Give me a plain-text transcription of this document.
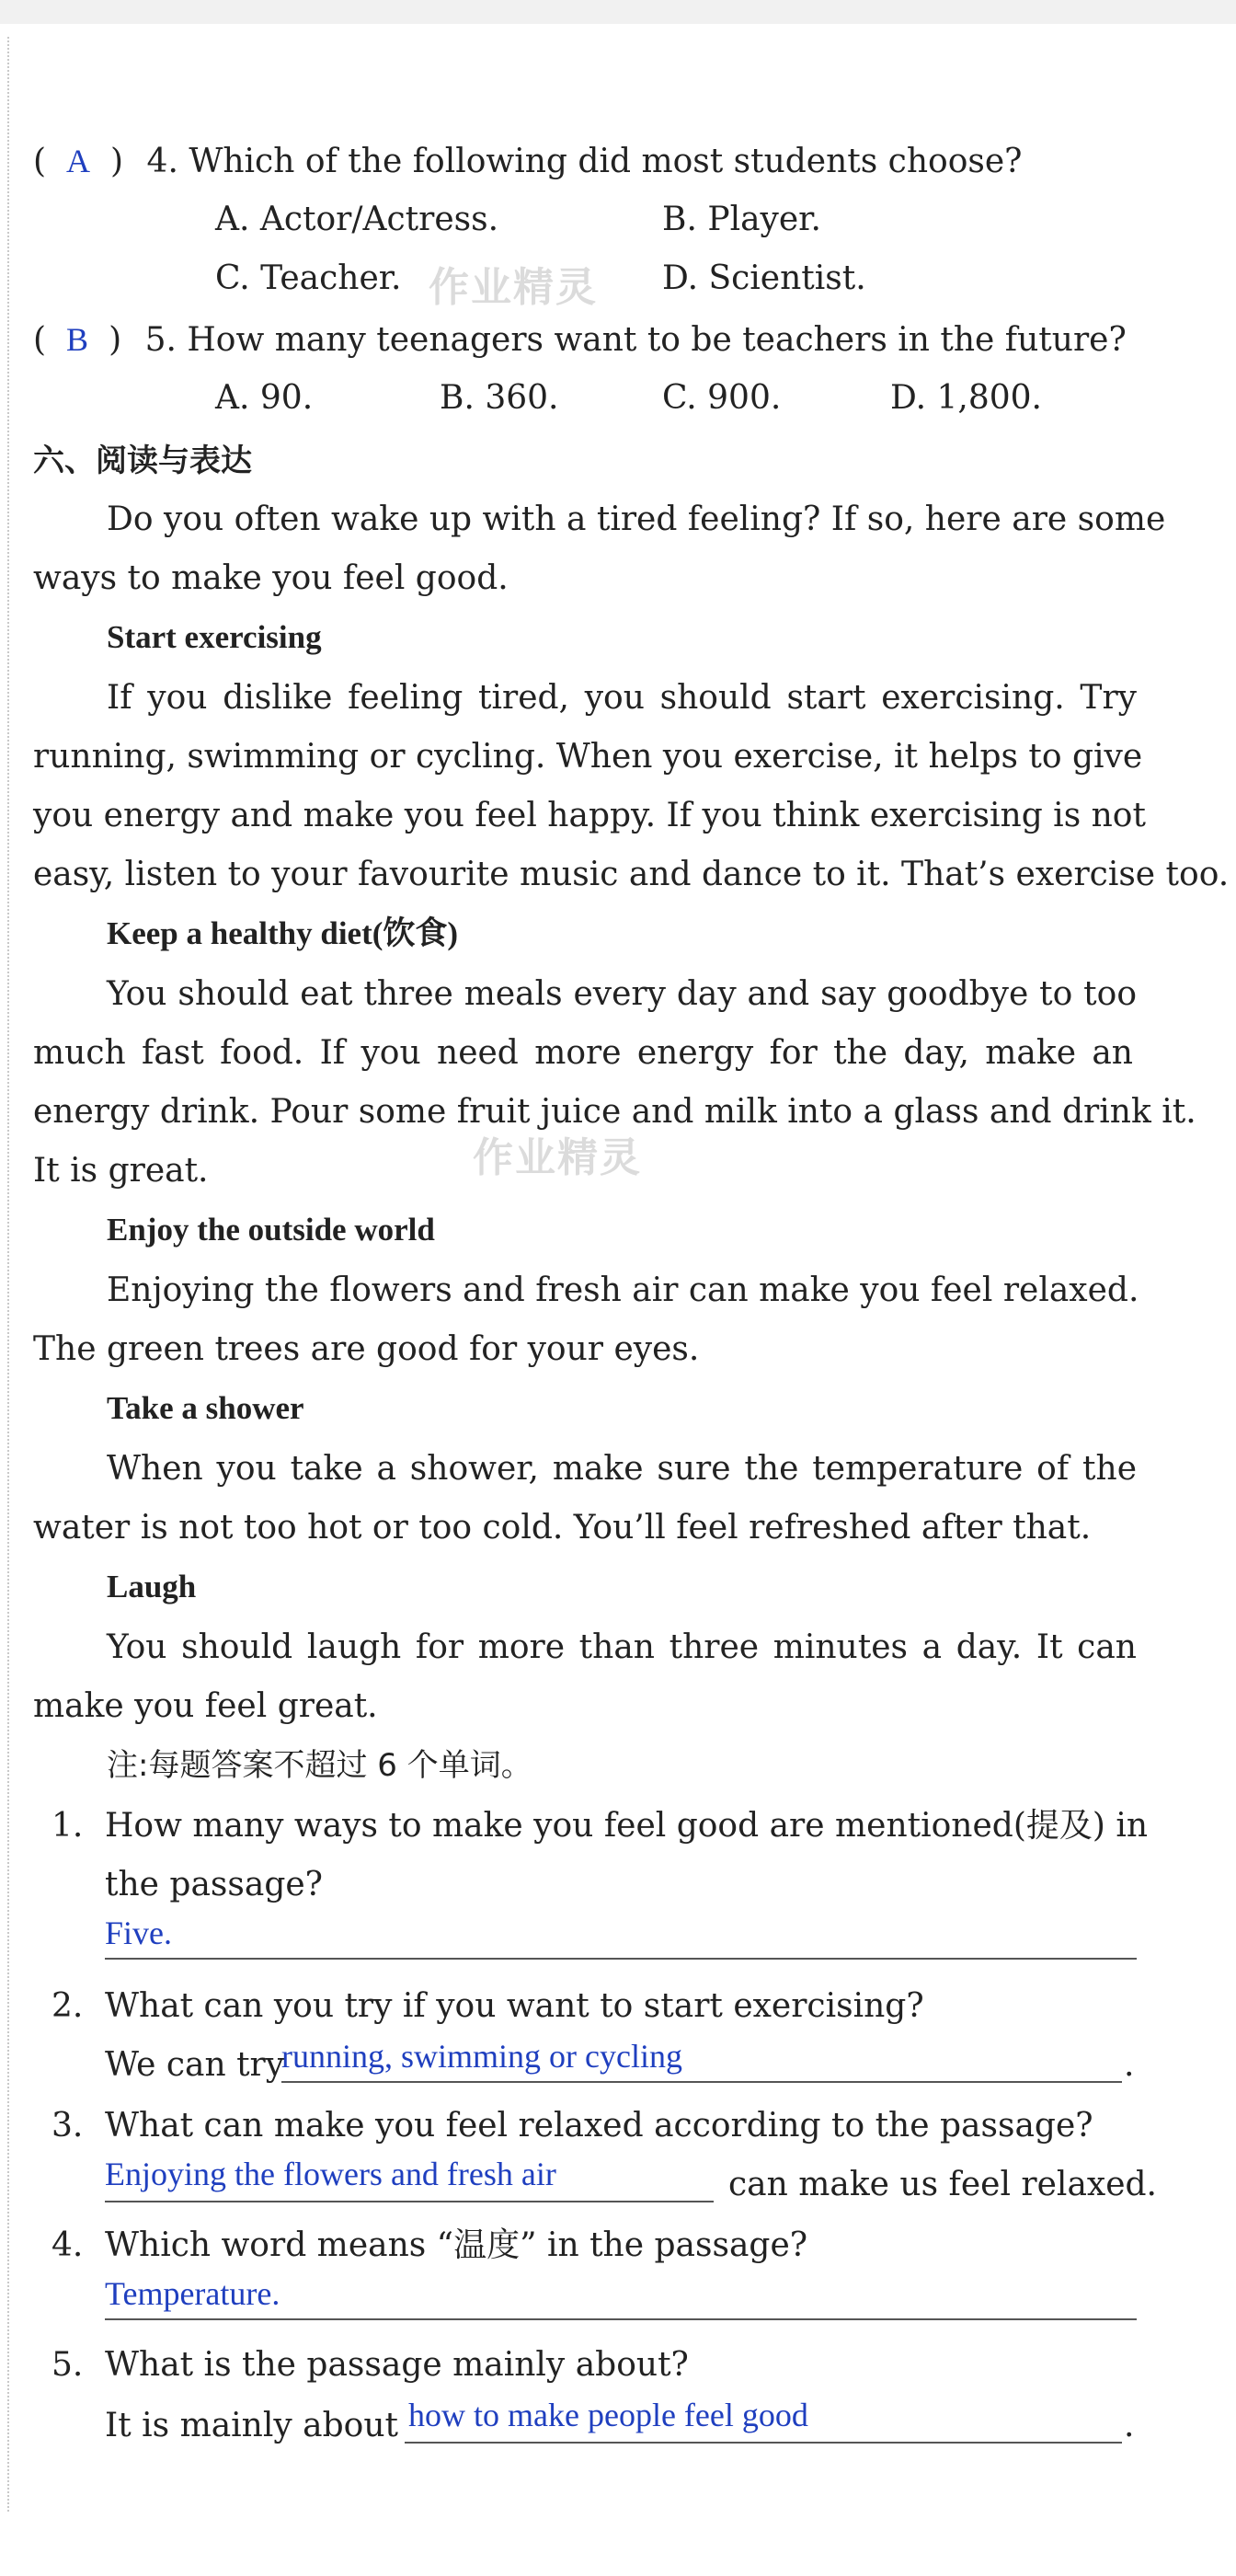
( A ) 4. Which of the following did most students choose?
A. Actor/Actress.	B. Player.
C. Teacher.	D. Scientist.
( B ) 5. How many teenagers want to be teachers in the future?
A. 90.	B. 360.	C. 900.	D. 1,800.
六、阅读与表达
Do you often wake up with a tired feeling? If so, here are some
ways to make you feel good.
Start exercising
If you dislike feeling tired, you should start exercising. Try
running, swimming or cycling. When you exercise, it helps to give
you energy and make you feel happy. If you think exercising is not
easy, listen to your favourite music and dance to it. That’s exercise too.
Keep a healthy diet(饮食)
You should eat three meals every day and say goodbye to too
much fast food. If you need more energy for the day, make an
energy drink. Pour some fruit juice and milk into a glass and drink it.
It is great.
Enjoy the outside world
Enjoying the flowers and fresh air can make you feel relaxed.
The green trees are good for your eyes.
Take a shower
When you take a shower, make sure the temperature of the
water is not too hot or too cold. You’ll feel refreshed after that.
Laugh
You should laugh for more than three minutes a day. It can
make you feel great.
注:每题答案不超过 6 个单词。
1. How many ways to make you feel good are mentioned(提及) in
the passage?
Five.
2. What can you try if you want to start exercising?
We can try
running, swimming or cycling	.
3. What can make you feel relaxed according to the passage?
Enjoying the flowers and fresh air	can make us feel relaxed.
4. Which word means “温度” in the passage?
Temperature.
5. What is the passage mainly about?
It is mainly about how to make people feel good	.
作业精灵
作业精灵
